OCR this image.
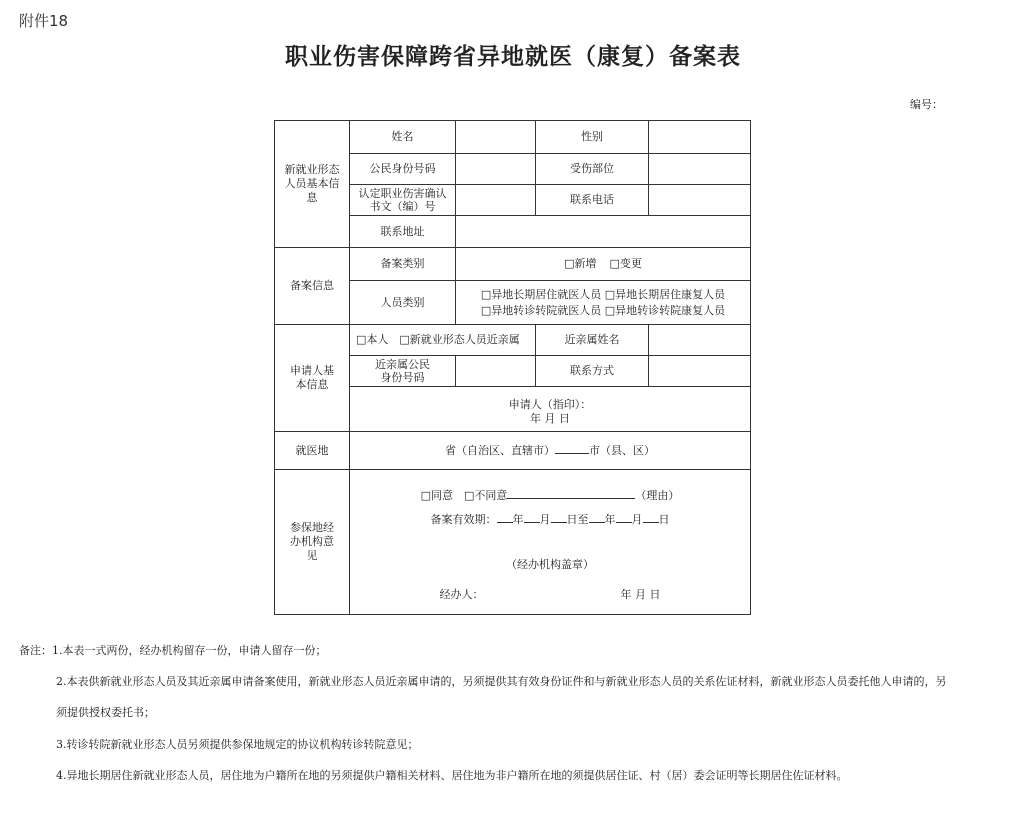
附件18
职业伤害保障跨省异地就医（康复）备案表
编号：
新就业形态人员基本信息	姓名		性别	
	公民身份号码		受伤部位	
	认定职业伤害确认书文（编）号		联系电话	
	联系地址			
备案信息	备案类别	□新增 □变更		
	人员类别	□异地长期居住就医人员 □异地长期居住康复人员
□异地转诊转院就医人员 □异地转诊转院康复人员		
申请人基本信息	□本人 □新就业形态人员近亲属		近亲属姓名	
	近亲属公民身份号码		联系方式	

	申请人（指印）：
年 月 日			

就医地	省（自治区、直辖市） 市（县、区）			
参保地经办机构意见	□同意 □不同意 （理由）
备案有效期： 年 月 日至 年 月 日
（经办机构盖章）
经办人： 年 月 日			
备注：1.本表一式两份，经办机构留存一份，申请人留存一份；
2.本表供新就业形态人员及其近亲属申请备案使用，新就业形态人员近亲属申请的，另须提供其有效身份证件和与新就业形态人员的关系佐证材料，新就业形态人员委托他人申请的，另
须提供授权委托书；
3.转诊转院新就业形态人员另须提供参保地规定的协议机构转诊转院意见；
4.异地长期居住新就业形态人员，居住地为户籍所在地的另须提供户籍相关材料、居住地为非户籍所在地的须提供居住证、村（居）委会证明等长期居住佐证材料。
